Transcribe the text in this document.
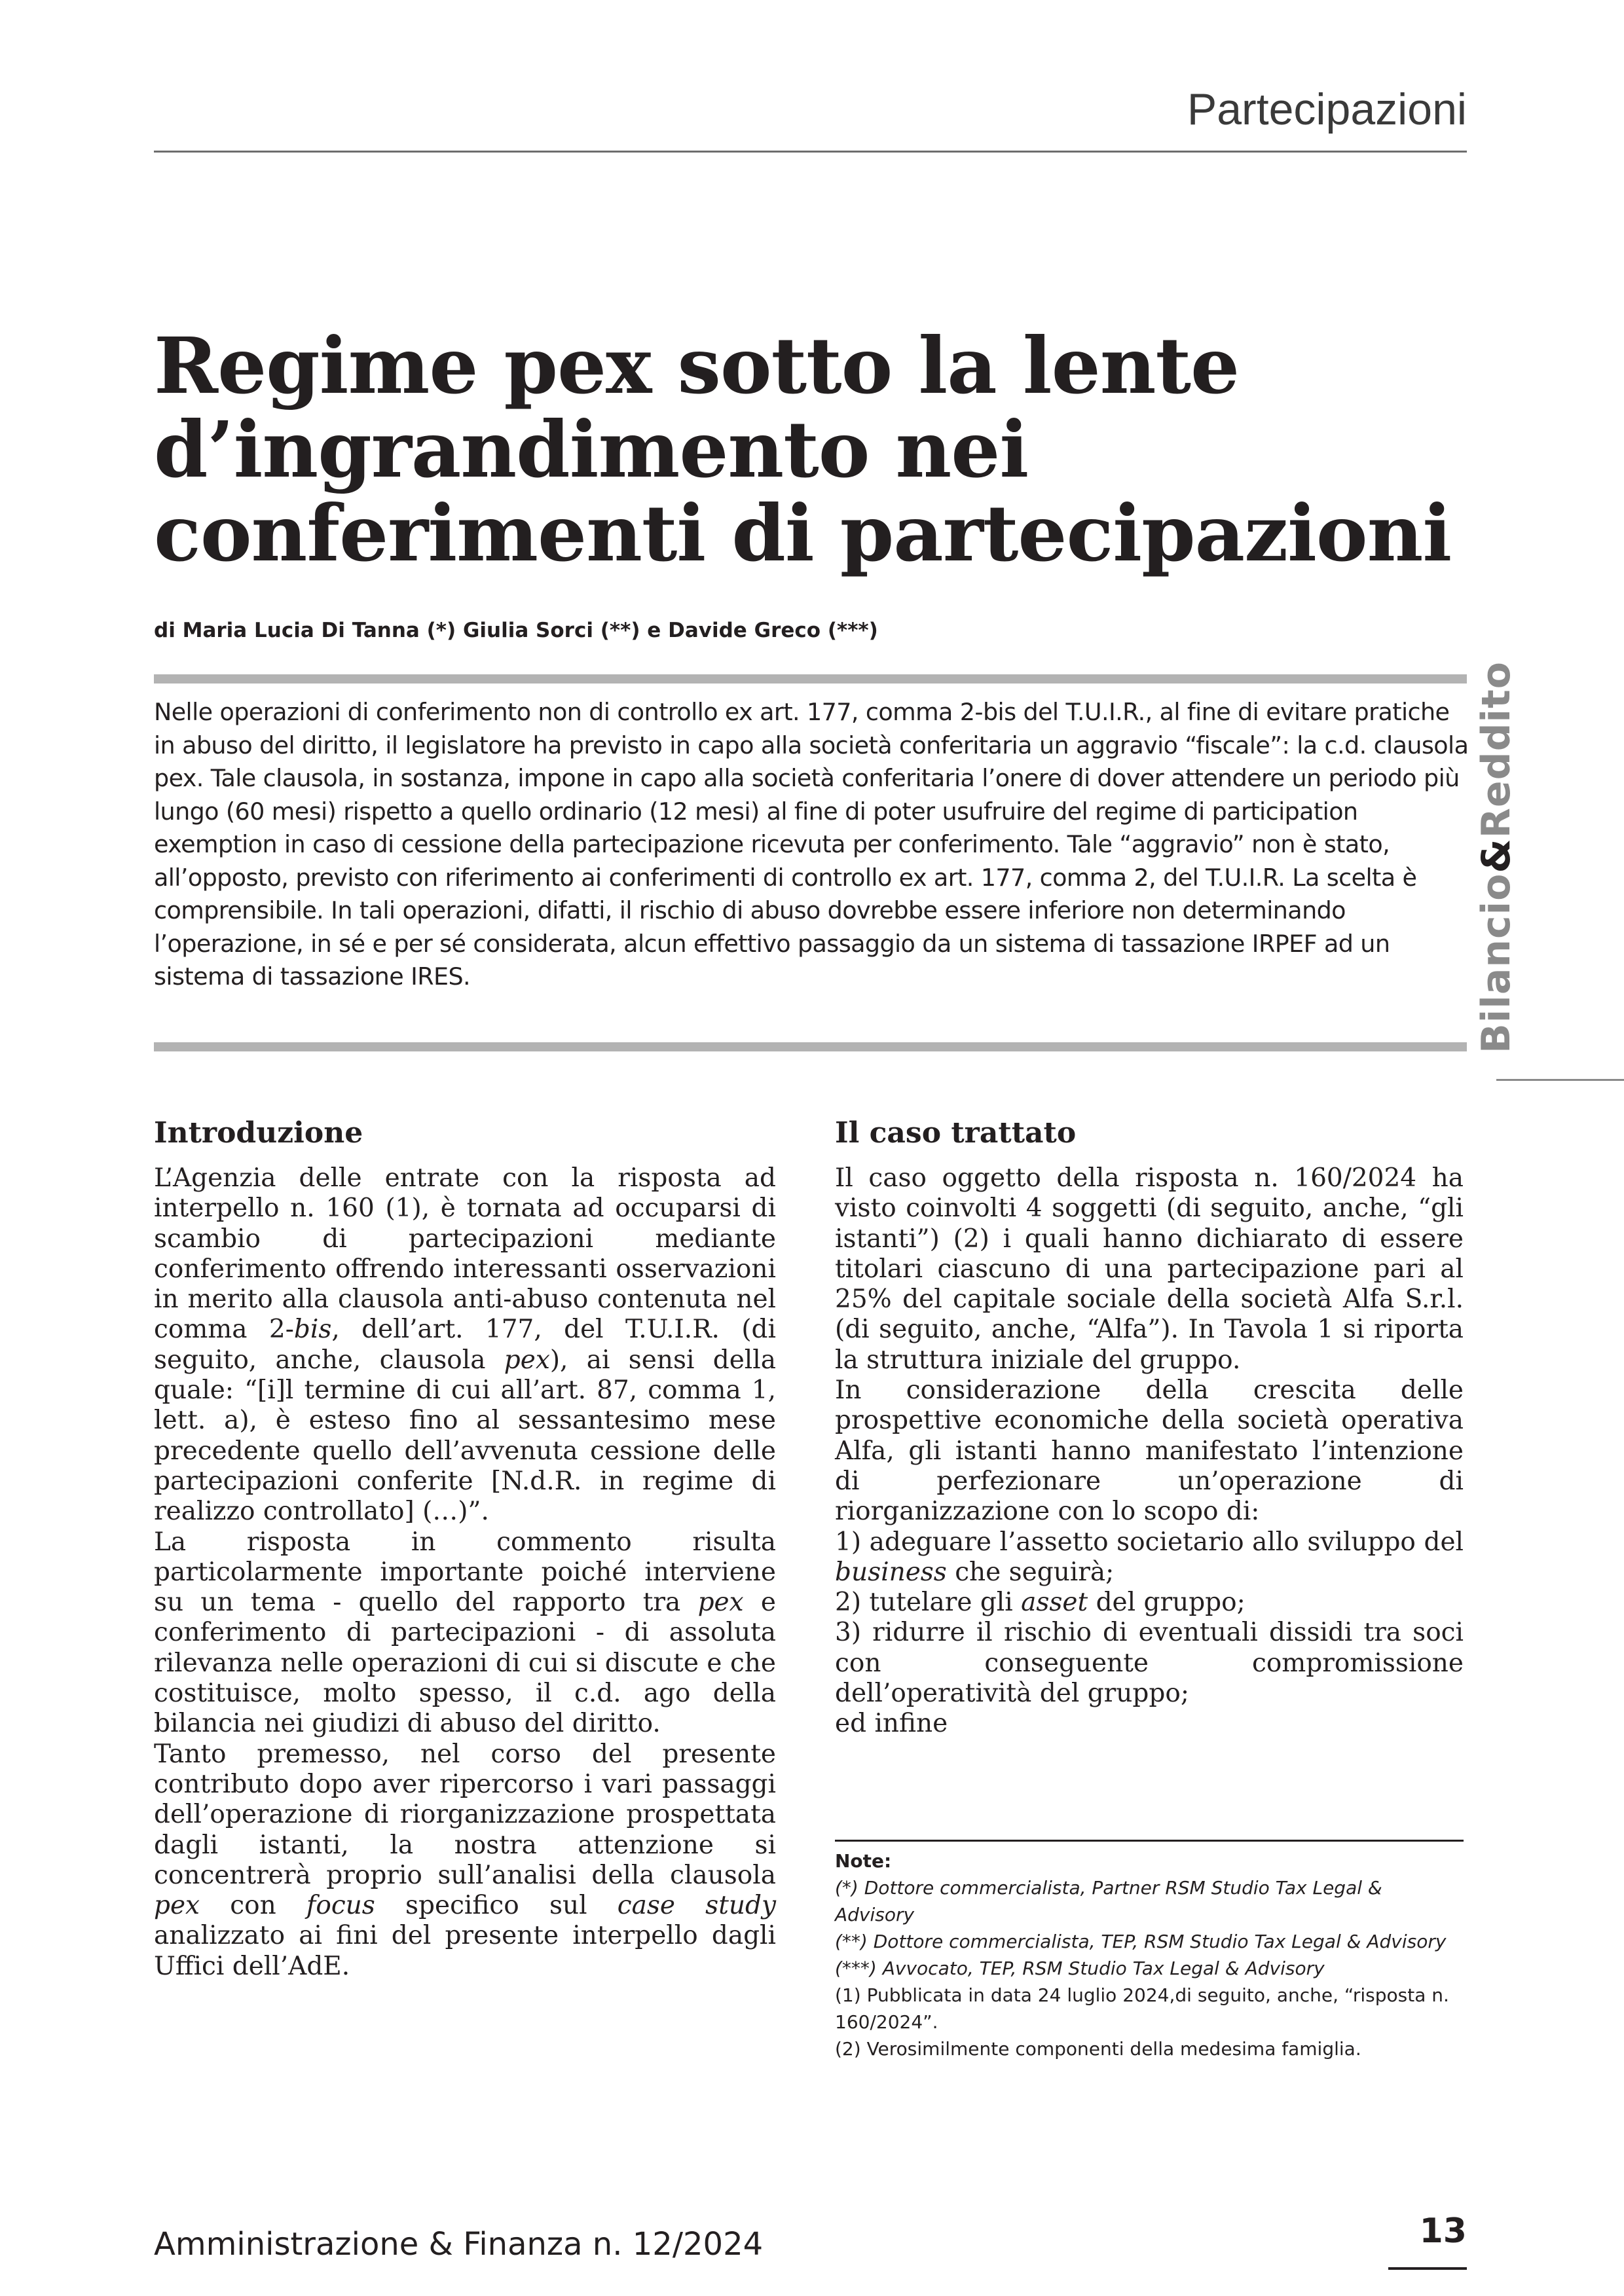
Partecipazioni
Regime pex sotto la lente d’ingrandimento nei conferimenti di partecipazioni
di Maria Lucia Di Tanna (*) Giulia Sorci (**) e Davide Greco (***)
Nelle operazioni di conferimento non di controllo ex art. 177, comma 2-bis del T.U.I.R., al fine di evitare pratiche in abuso del diritto, il legislatore ha previsto in capo alla società conferitaria un aggravio “fiscale”: la c.d. clausola pex. Tale clausola, in sostanza, impone in capo alla società conferitaria l’onere di dover attendere un periodo più lungo (60 mesi) rispetto a quello ordinario (12 mesi) al fine di poter usufruire del regime di participation exemption in caso di cessione della partecipazione ricevuta per conferimento. Tale “aggravio” non è stato, all’opposto, previsto con riferimento ai conferimenti di controllo ex art. 177, comma 2, del T.U.I.R. La scelta è comprensibile. In tali operazioni, difatti, il rischio di abuso dovrebbe essere inferiore non determinando l’operazione, in sé e per sé considerata, alcun effettivo passaggio da un sistema di tassazione IRPEF ad un sistema di tassazione IRES.	Bilancio&Reddito
Introduzione

L’Agenzia delle entrate con la risposta ad interpello n. 160 (1), è tornata ad occuparsi di scambio di partecipazioni mediante conferimento offrendo interessanti osservazioni in merito alla clausola anti-abuso contenuta nel comma 2-bis, dell’art. 177, del T.U.I.R. (di seguito, anche, clausola pex), ai sensi della quale: “[i]l termine di cui all’art. 87, comma 1, lett. a), è esteso fino al sessantesimo mese precedente quello dell’avvenuta cessione delle partecipazioni conferite [N.d.R. in regime di realizzo controllato] (…)”.

La risposta in commento risulta particolarmente importante poiché interviene su un tema - quello del rapporto tra pex e conferimento di partecipazioni - di assoluta rilevanza nelle operazioni di cui si discute e che costituisce, molto spesso, il c.d. ago della bilancia nei giudizi di abuso del diritto.

Tanto premesso, nel corso del presente contributo dopo aver ripercorso i vari passaggi dell’operazione di riorganizzazione prospettata dagli istanti, la nostra attenzione si concentrerà proprio sull’analisi della clausola pex con focus specifico sul case study analizzato ai fini del presente interpello dagli Uffici dell’AdE.

Il caso trattato

Il caso oggetto della risposta n. 160/2024 ha visto coinvolti 4 soggetti (di seguito, anche, “gli istanti”) (2) i quali hanno dichiarato di essere titolari ciascuno di una partecipazione pari al 25% del capitale sociale della società Alfa S.r.l. (di seguito, anche, “Alfa”). In Tavola 1 si riporta la struttura iniziale del gruppo.

In considerazione della crescita delle prospettive economiche della società operativa Alfa, gli istanti hanno manifestato l’intenzione di perfezionare un’operazione di riorganizzazione con lo scopo di:

1) adeguare l’assetto societario allo sviluppo del business che seguirà;

2) tutelare gli asset del gruppo;

3) ridurre il rischio di eventuali dissidi tra soci con conseguente compromissione dell’operatività del gruppo;

ed infine

Note:

(*) Dottore commercialista, Partner RSM Studio Tax Legal & Advisory

(**) Dottore commercialista, TEP, RSM Studio Tax Legal & Advisory

(***) Avvocato, TEP, RSM Studio Tax Legal & Advisory

(1) Pubblicata in data 24 luglio 2024,di seguito, anche, “risposta n. 160/2024”.

(2) Verosimilmente componenti della medesima famiglia.

Amministrazione & Finanza n. 12/2024	13
